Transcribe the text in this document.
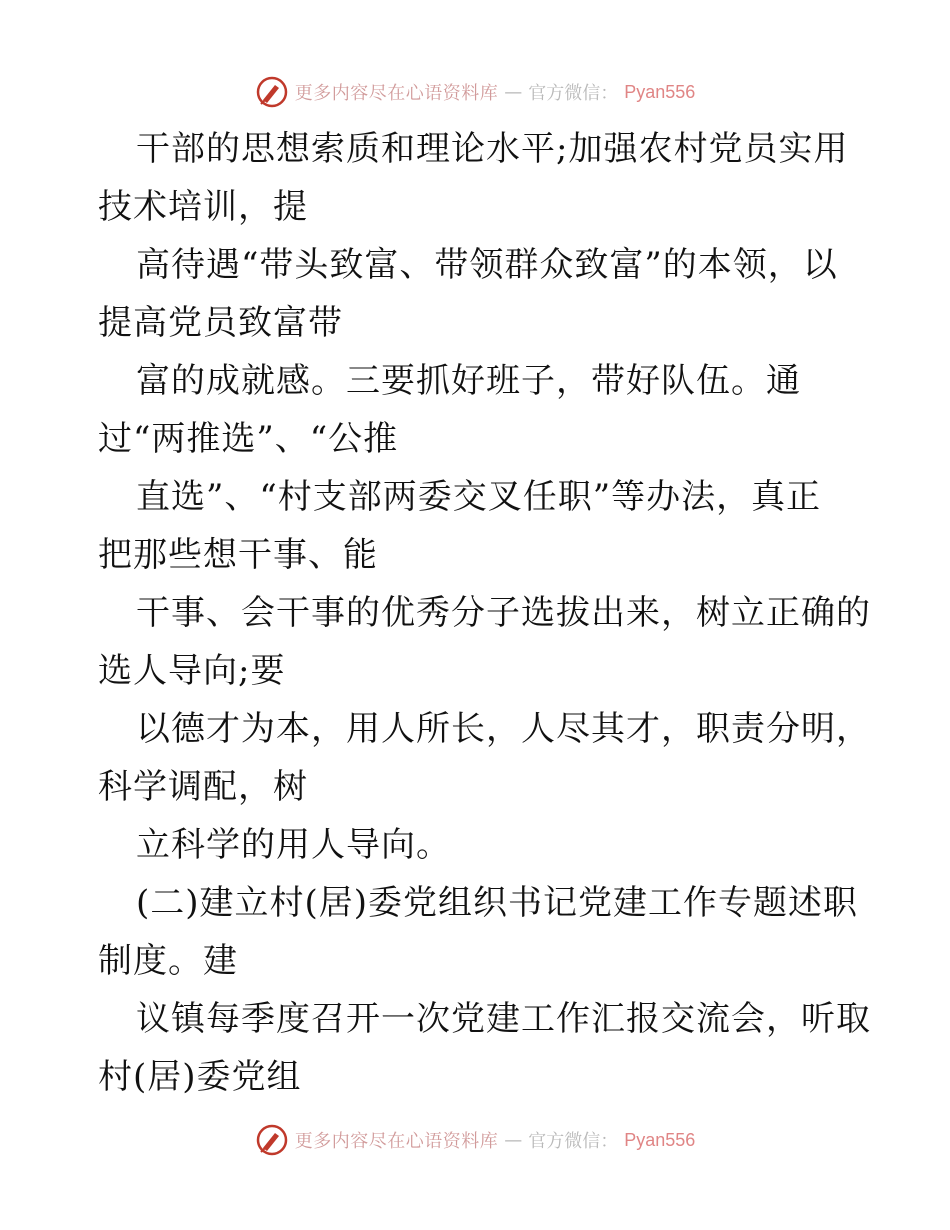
更多内容尽在心语资料库 — 官方微信： Pyan556
干部的思想索质和理论水平;加强农村党员实用
技术培训，提
高待遇“带头致富、带领群众致富”的本领，以
提高党员致富带
富的成就感。三要抓好班子，带好队伍。通
过“两推选”、“公推
直选”、“村支部两委交叉任职”等办法，真正
把那些想干事、能
干事、会干事的优秀分子选拔出来，树立正确的
选人导向;要
以德才为本，用人所长，人尽其才，职责分明，
科学调配，树
立科学的用人导向。
(二)建立村(居)委党组织书记党建工作专题述职
制度。建
议镇每季度召开一次党建工作汇报交流会，听取
村(居)委党组
更多内容尽在心语资料库 — 官方微信： Pyan556
